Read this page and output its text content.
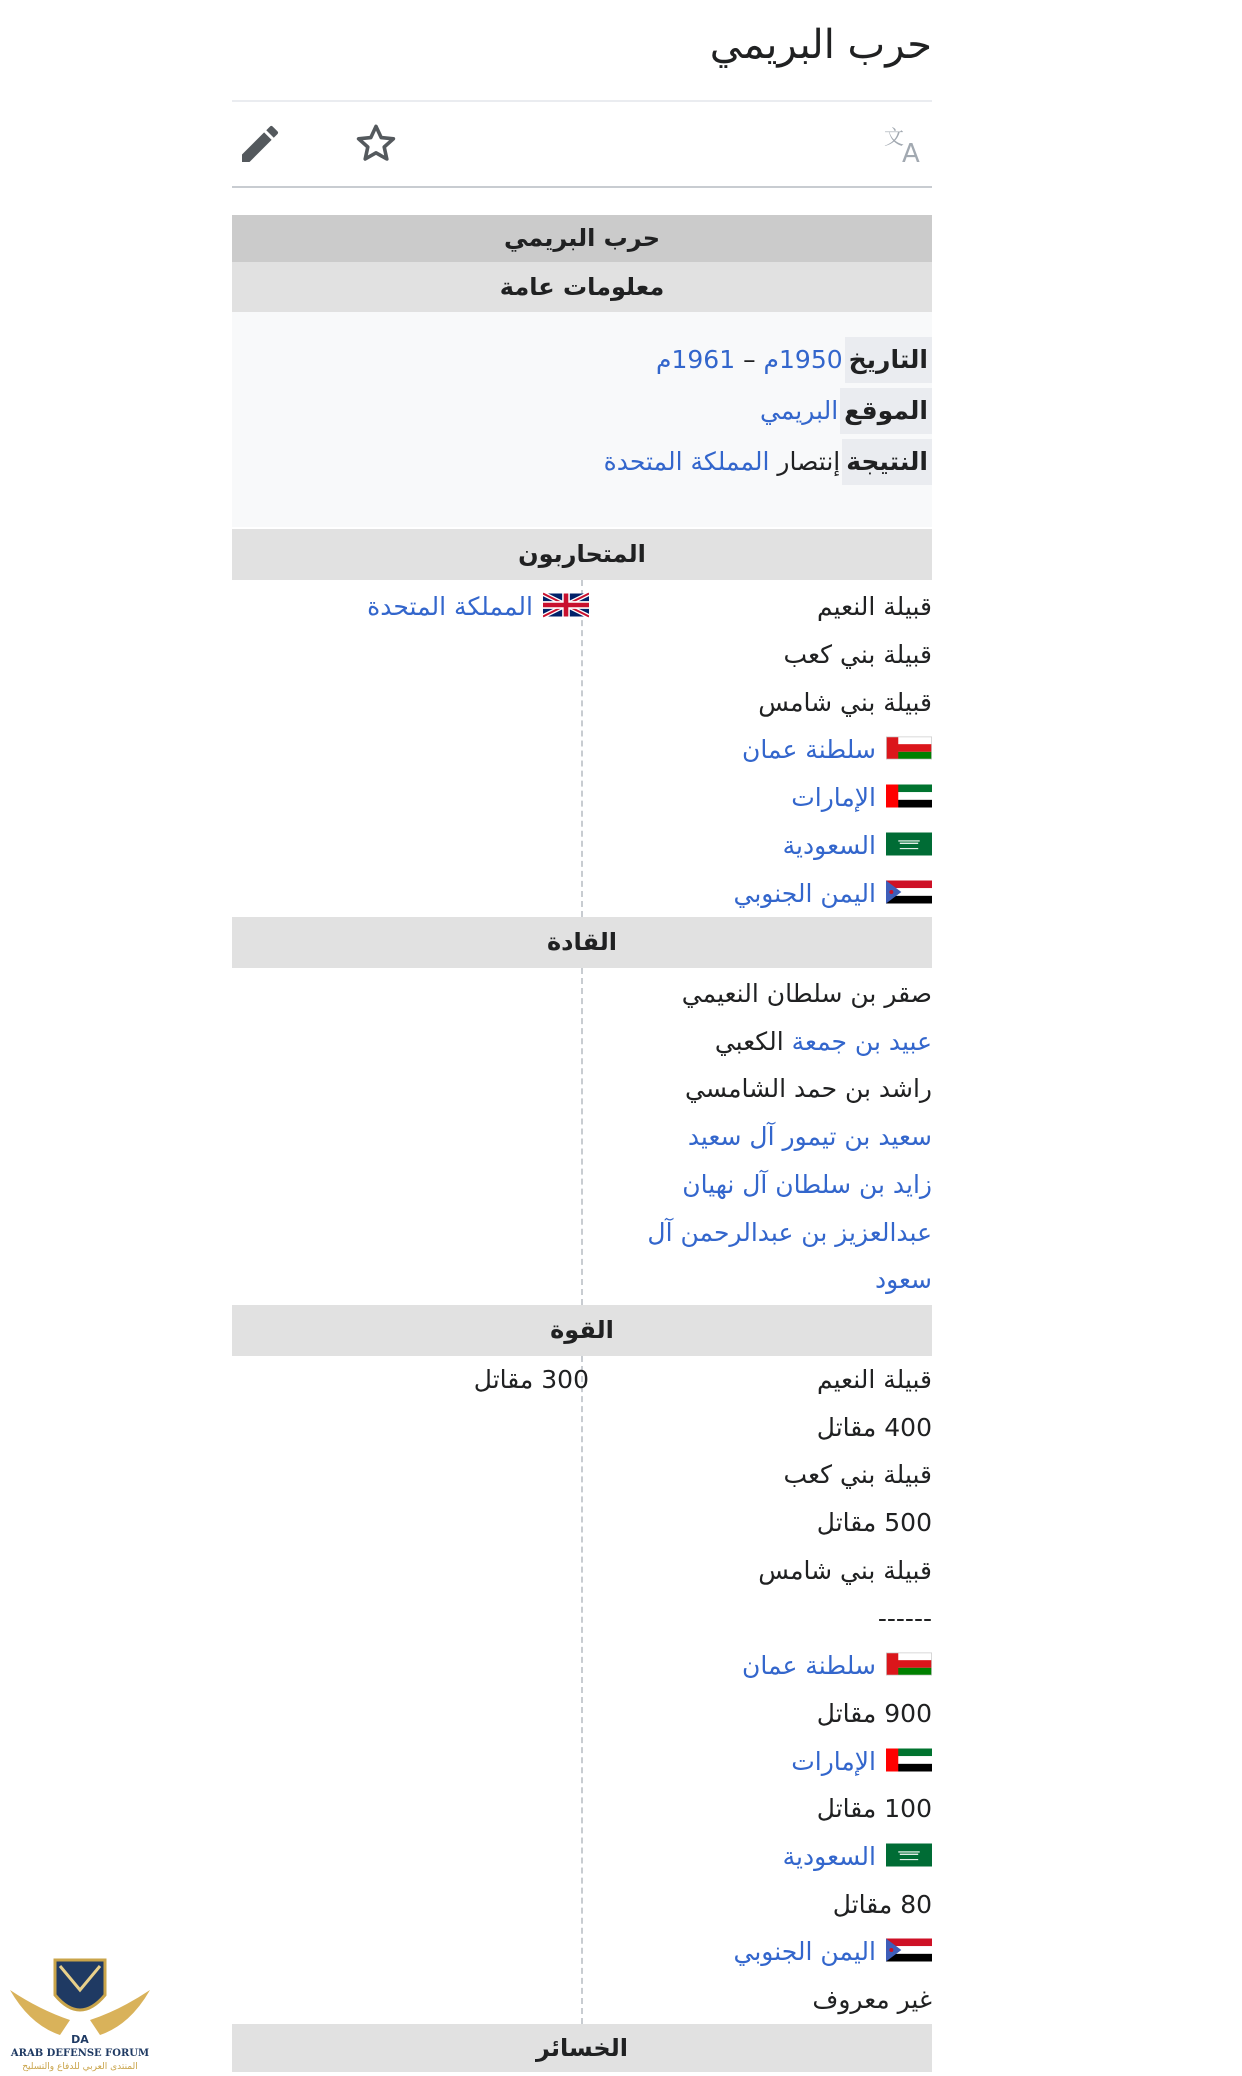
حرب البريمي
文
A
حرب البريمي
معلومات عامة
التاريخ1950م – 1961م
الموقعالبريمي
النتيجةإنتصار المملكة المتحدة
المتحاربون
قبيلة النعيم
قبيلة بني كعب
قبيلة بني شامس
سلطنة عمان
الإمارات
السعودية
اليمن الجنوبي
المملكة المتحدة
القادة
صقر بن سلطان النعيمي
عبيد بن جمعة الكعبي
راشد بن حمد الشامسي
سعيد بن تيمور آل سعيد
زايد بن سلطان آل نهيان
عبدالعزيز بن عبدالرحمن آل
سعود
القوة
قبيلة النعيم
400 مقاتل
قبيلة بني كعب
500 مقاتل
قبيلة بني شامس
------
سلطنة عمان
900 مقاتل
الإمارات
100 مقاتل
السعودية
80 مقاتل
اليمن الجنوبي
غير معروف
300 مقاتل
الخسائر
DA
ARAB DEFENSE FORUM
المنتدى العربي للدفاع والتسليح
